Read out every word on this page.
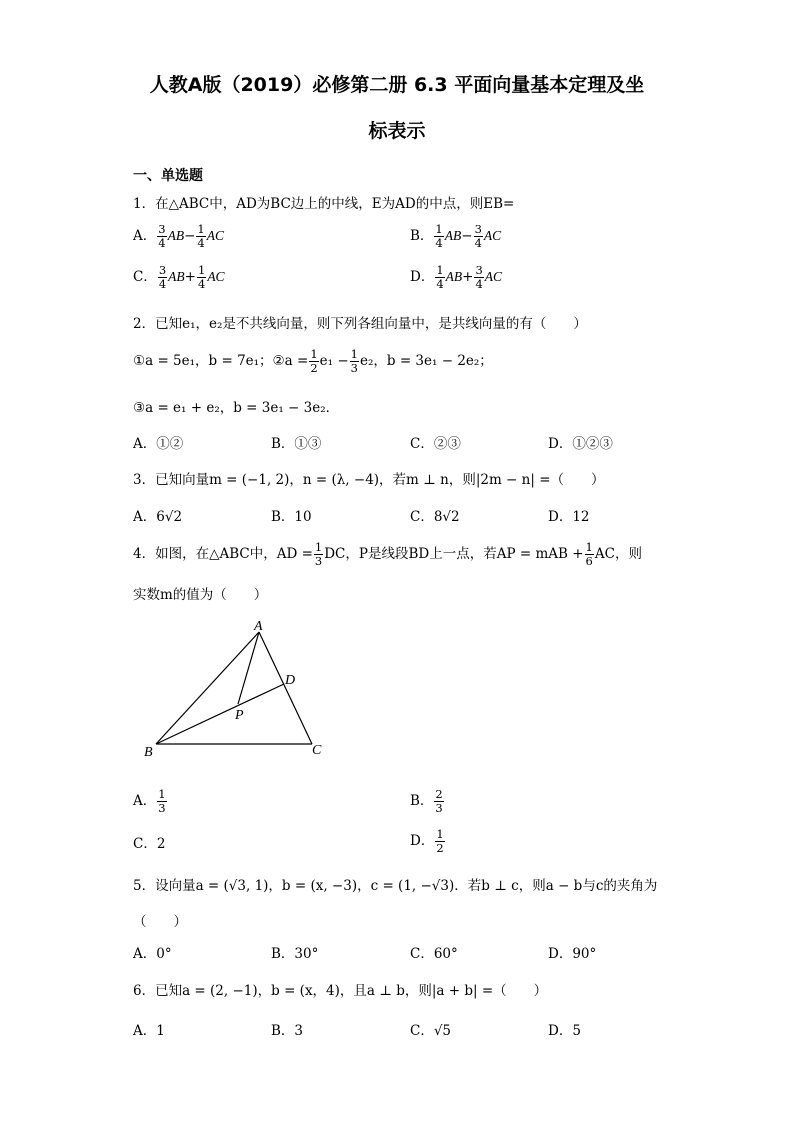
人教A版（2019）必修第二册 6.3 平面向量基本定理及坐
标表示
一、单选题
1．在△ABC中，AD为BC边上的中线，E为AD的中点，则EB=
A． $\frac{3}{4} AB- \frac{1}{4}$ AC	B． $\frac{1}{4} AB- \frac{3}{4}$ AC
C． $\frac{3}{4} AB+ \frac{1}{4}$ AC	D． $\frac{1}{4} AB+ \frac{3}{4}$ AC
2．已知e₁，e₂是不共线向量，则下列各组向量中，是共线向量的有（　　）
①a = 5e₁，b = 7e₁；②a = $\frac{1}{2} e_1 - \frac{1}{3} e_2$，b = 3e₁ − 2e₂；
③a = e₁ + e₂，b = 3e₁ − 3e₂．
A．①②	B．①③	C．②③	D．①②③
3．已知向量m = (−1, 2)，n = (λ, −4)，若m ⊥ n，则|2m − n| =（　　）
A．6√2	B．10	C．8√2	D．12
4．如图，在△ABC中，AD = $\frac{1}{3}$ DC，P是线段BD上一点，若AP = mAB + $\frac{1}{6}$ AC，则
实数m的值为（　　）
A
B	C
D
P
A． $\frac{1}{3}$	B． $\frac{2}{3}$
C．2	D． $\frac{1}{2}$
5．设向量a = (√3, 1)，b = (x, −3)，c = (1, −√3)．若b ⊥ c，则a − b与c的夹角为
（　　）
A．0°	B．30°	C．60°	D．90°
6．已知a = (2, −1)，b = (x，4)，且a ⊥ b，则|a + b| =（　　）
A．1	B．3	C．√5	D．5
